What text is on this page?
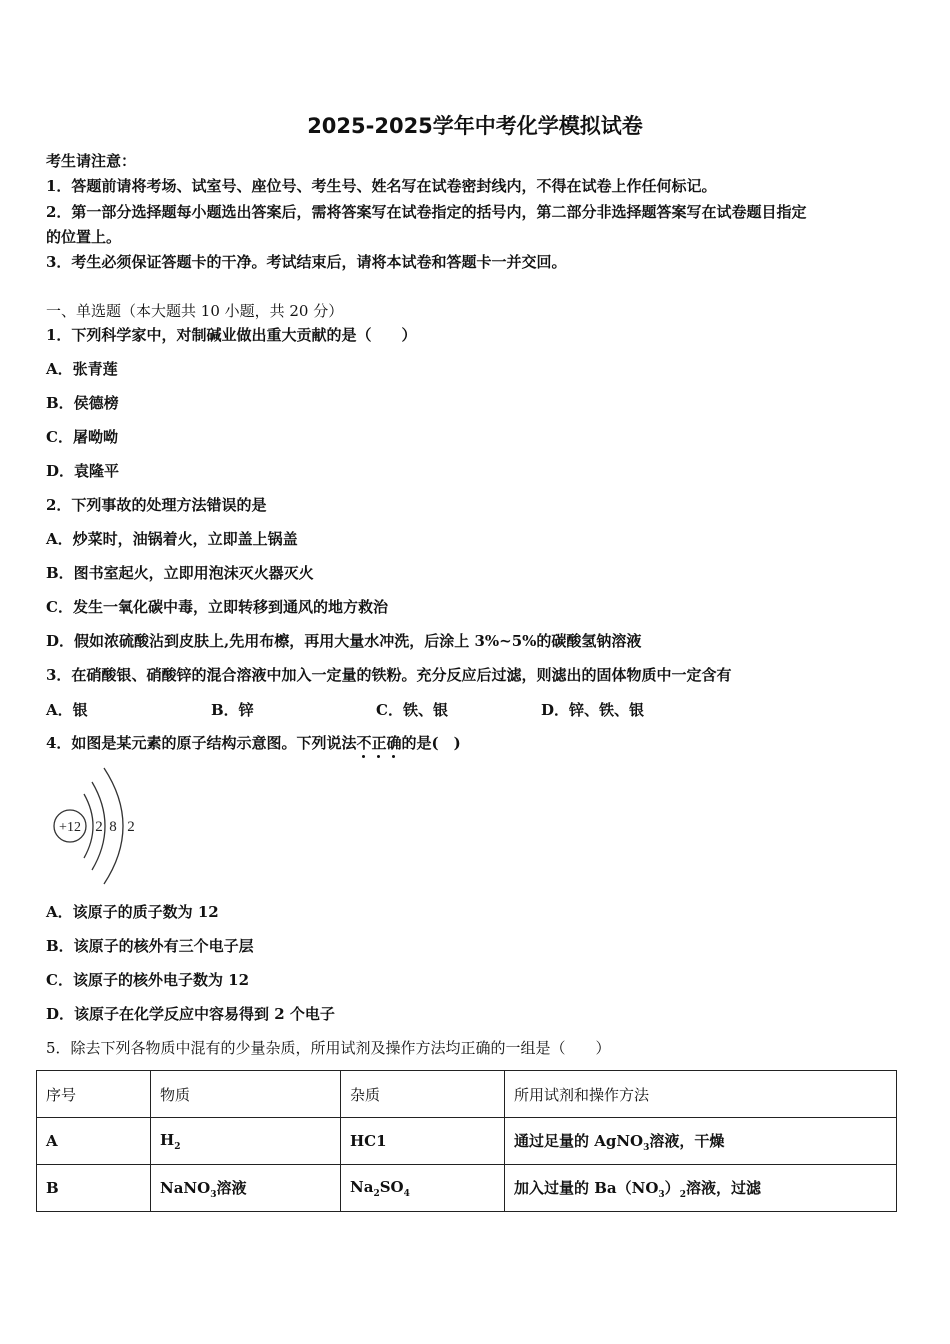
2025-2025学年中考化学模拟试卷
考生请注意：
1．答题前请将考场、试室号、座位号、考生号、姓名写在试卷密封线内，不得在试卷上作任何标记。
2．第一部分选择题每小题选出答案后，需将答案写在试卷指定的括号内，第二部分非选择题答案写在试卷题目指定
的位置上。
3．考生必须保证答题卡的干净。考试结束后，请将本试卷和答题卡一并交回。
一、单选题（本大题共 10 小题，共 20 分）
1．下列科学家中，对制碱业做出重大贡献的是（　　）
A．张青莲
B．侯德榜
C．屠呦呦
D．袁隆平
2．下列事故的处理方法错误的是
A．炒菜时，油锅着火，立即盖上锅盖
B．图书室起火，立即用泡沫灭火器灭火
C．发生一氧化碳中毒，立即转移到通风的地方救治
D．假如浓硫酸沾到皮肤上,先用布檫，再用大量水冲洗，后涂上 3%~5%的碳酸氢钠溶液
3．在硝酸银、硝酸锌的混合溶液中加入一定量的铁粉。充分反应后过滤，则滤出的固体物质中一定含有
A．银	B．锌	C．铁、银	D．锌、铁、银
4．如图是某元素的原子结构示意图。下列说法不正确的是(　)
+12 2 8 2
A．该原子的质子数为 12
B．该原子的核外有三个电子层
C．该原子的核外电子数为 12
D．该原子在化学反应中容易得到 2 个电子
5．除去下列各物质中混有的少量杂质，所用试剂及操作方法均正确的一组是（　　）
序号	物质	杂质	所用试剂和操作方法
A	$H_2$	HC1	通过足量的 AgNO$_3$溶液，干燥
B	NaNO$_3$溶液	$Na_2SO_4$	加入过量的 $Ba(NO_3)_2$溶液，过滤
